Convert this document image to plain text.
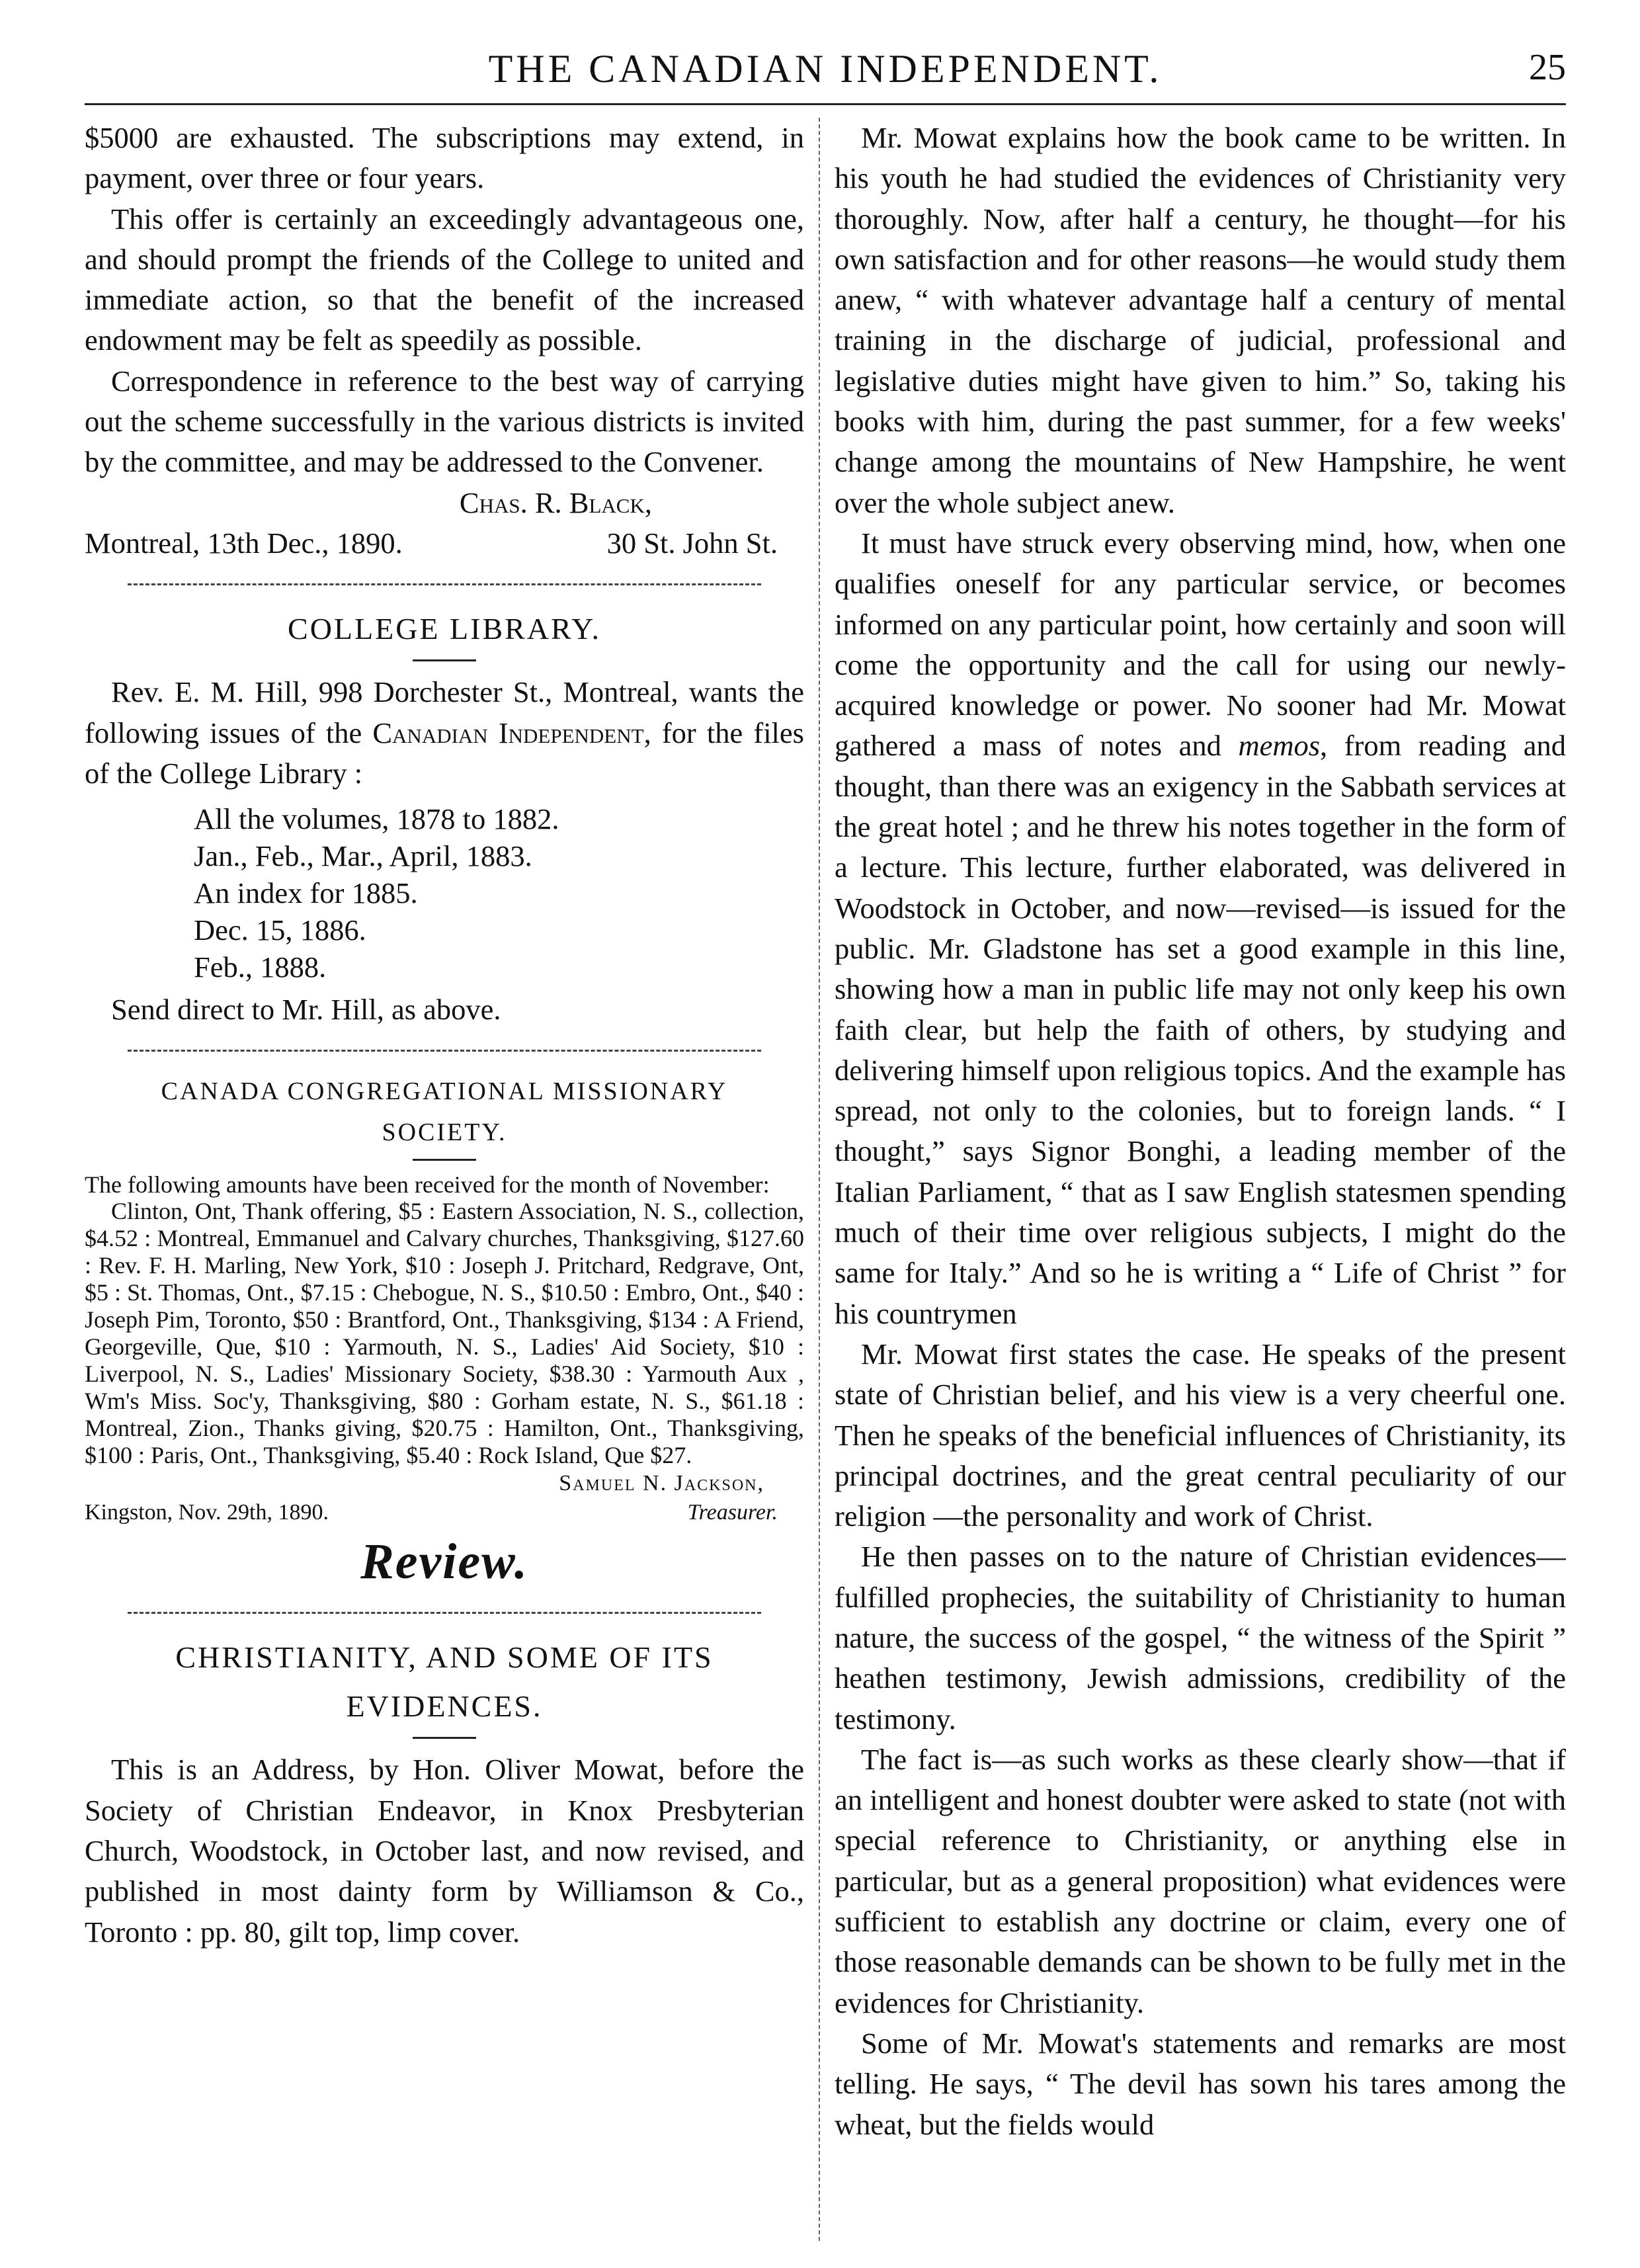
THE CANADIAN INDEPENDENT.	25

$5000 are exhausted. The subscriptions may extend, in payment, over three or four years.

This offer is certainly an exceedingly advantageous one, and should prompt the friends of the College to united and immediate action, so that the benefit of the increased endowment may be felt as speedily as possible.

Correspondence in reference to the best way of carrying out the scheme successfully in the various districts is invited by the committee, and may be addressed to the Convener.

Chas. R. Black,
Montreal, 13th Dec., 1890.	30 St. John St.
COLLEGE LIBRARY.

Rev. E. M. Hill, 998 Dorchester St., Montreal, wants the following issues of the Canadian Independent, for the files of the College Library :

All the volumes, 1878 to 1882.
Jan., Feb., Mar., April, 1883.
An index for 1885.
Dec. 15, 1886.
Feb., 1888.

Send direct to Mr. Hill, as above.

CANADA CONGREGATIONAL MISSIONARY
SOCIETY.

The following amounts have been received for the month of November:

Clinton, Ont, Thank offering, $5 : Eastern Association, N. S., collection, $4.52 : Montreal, Emmanuel and Calvary churches, Thanksgiving, $127.60 : Rev. F. H. Marling, New York, $10 : Joseph J. Pritchard, Redgrave, Ont, $5 : St. Thomas, Ont., $7.15 : Chebogue, N. S., $10.50 : Embro, Ont., $40 : Joseph Pim, Toronto, $50 : Brantford, Ont., Thanksgiving, $134 : A Friend, Georgeville, Que, $10 : Yarmouth, N. S., Ladies' Aid Society, $10 : Liverpool, N. S., Ladies' Missionary Society, $38.30 : Yarmouth Aux , Wm's Miss. Soc'y, Thanksgiving, $80 : Gorham estate, N. S., $61.18 : Montreal, Zion., Thanks giving, $20.75 : Hamilton, Ont., Thanksgiving, $100 : Paris, Ont., Thanksgiving, $5.40 : Rock Island, Que $27.
Samuel N. Jackson,
Kingston, Nov. 29th, 1890.	Treasurer.
Review.
CHRISTIANITY, AND SOME OF ITS
EVIDENCES.

This is an Address, by Hon. Oliver Mowat, before the Society of Christian Endeavor, in Knox Presbyterian Church, Woodstock, in October last, and now revised, and published in most dainty form by Williamson & Co., Toronto : pp. 80, gilt top, limp cover.

Mr. Mowat explains how the book came to be written. In his youth he had studied the evidences of Christianity very thoroughly. Now, after half a century, he thought—for his own satisfaction and for other reasons—he would study them anew, “ with whatever advantage half a century of mental training in the discharge of judicial, professional and legislative duties might have given to him.” So, taking his books with him, during the past summer, for a few weeks' change among the mountains of New Hampshire, he went over the whole subject anew.

It must have struck every observing mind, how, when one qualifies oneself for any particular service, or becomes informed on any particular point, how certainly and soon will come the opportunity and the call for using our newly-acquired knowledge or power. No sooner had Mr. Mowat gathered a mass of notes and memos, from reading and thought, than there was an exigency in the Sabbath services at the great hotel ; and he threw his notes together in the form of a lecture. This lecture, further elaborated, was delivered in Woodstock in October, and now—revised—is issued for the public. Mr. Gladstone has set a good example in this line, showing how a man in public life may not only keep his own faith clear, but help the faith of others, by studying and delivering himself upon religious topics. And the example has spread, not only to the colonies, but to foreign lands. “ I thought,” says Signor Bonghi, a leading member of the Italian Parliament, “ that as I saw English statesmen spending much of their time over religious subjects, I might do the same for Italy.” And so he is writing a “ Life of Christ ” for his countrymen

Mr. Mowat first states the case. He speaks of the present state of Christian belief, and his view is a very cheerful one. Then he speaks of the beneficial influences of Christianity, its principal doctrines, and the great central peculiarity of our religion —the personality and work of Christ.

He then passes on to the nature of Christian evidences—fulfilled prophecies, the suitability of Christianity to human nature, the success of the gospel, “ the witness of the Spirit ” heathen testimony, Jewish admissions, credibility of the testimony.

The fact is—as such works as these clearly show—that if an intelligent and honest doubter were asked to state (not with special reference to Christianity, or anything else in particular, but as a general proposition) what evidences were sufficient to establish any doctrine or claim, every one of those reasonable demands can be shown to be fully met in the evidences for Christianity.

Some of Mr. Mowat's statements and remarks are most telling. He says, “ The devil has sown his tares among the wheat, but the fields would
